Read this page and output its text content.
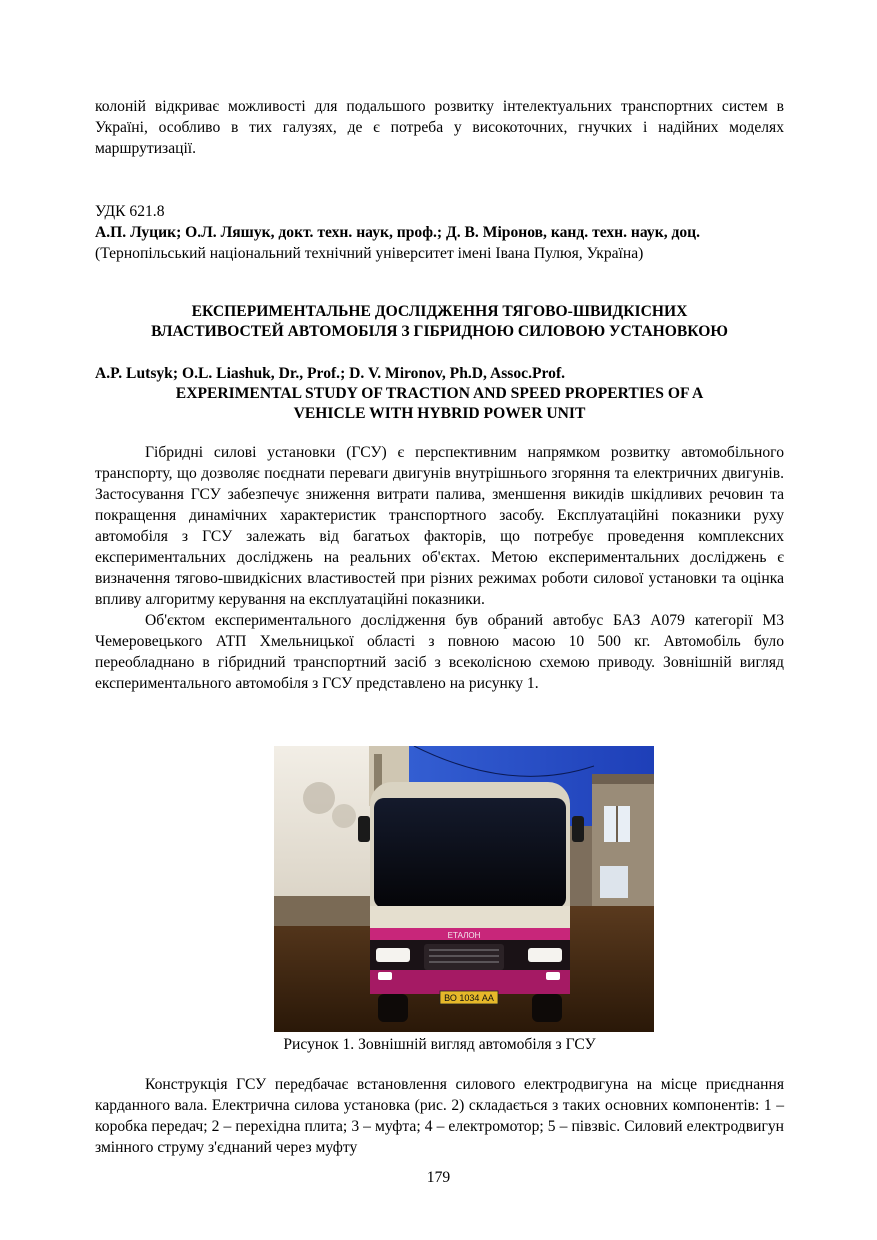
колоній відкриває можливості для подальшого розвитку інтелектуальних транспортних систем в Україні, особливо в тих галузях, де є потреба у високоточних, гнучких і надійних моделях маршрутизації.

УДК 621.8

А.П. Луцик; О.Л. Ляшук, докт. техн. наук, проф.; Д. В. Міронов, канд. техн. наук, доц.

(Тернопільський національний технічний університет імені Івана Пулюя, Україна)

ЕКСПЕРИМЕНТАЛЬНЕ ДОСЛІДЖЕННЯ ТЯГОВО-ШВИДКІСНИХ
ВЛАСТИВОСТЕЙ АВТОМОБІЛЯ З ГІБРИДНОЮ СИЛОВОЮ УСТАНОВКОЮ

A.P. Lutsyk; O.L. Liashuk, Dr., Prof.; D. V. Mironov, Ph.D, Assoc.Prof.

EXPERIMENTAL STUDY OF TRACTION AND SPEED PROPERTIES OF A
VEHICLE WITH HYBRID POWER UNIT

Гібридні силові установки (ГСУ) є перспективним напрямком розвитку автомобільного транспорту, що дозволяє поєднати переваги двигунів внутрішнього згоряння та електричних двигунів. Застосування ГСУ забезпечує зниження витрати палива, зменшення викидів шкідливих речовин та покращення динамічних характеристик транспортного засобу. Експлуатаційні показники руху автомобіля з ГСУ залежать від багатьох факторів, що потребує проведення комплексних експериментальних досліджень на реальних об'єктах. Метою експериментальних досліджень є визначення тягово-швидкісних властивостей при різних режимах роботи силової установки та оцінка впливу алгоритму керування на експлуатаційні показники.

Об'єктом експериментального дослідження був обраний автобус БАЗ А079 категорії М3 Чемеровецького АТП Хмельницької області з повною масою 10 500 кг. Автомобіль було переобладнано в гібридний транспортний засіб з всеколісною схемою приводу. Зовнішній вигляд експериментального автомобіля з ГСУ представлено на рисунку 1.

ЕТАЛОН
ВО 1034 АА
Рисунок 1. Зовнішній вигляд автомобіля з ГСУ

Конструкція ГСУ передбачає встановлення силового електродвигуна на місце приєднання карданного вала. Електрична силова установка (рис. 2) складається з таких основних компонентів: 1 – коробка передач; 2 – перехідна плита; 3 – муфта; 4 – електромотор; 5 – півзвіс. Силовий електродвигун змінного струму з'єднаний через муфту

179
